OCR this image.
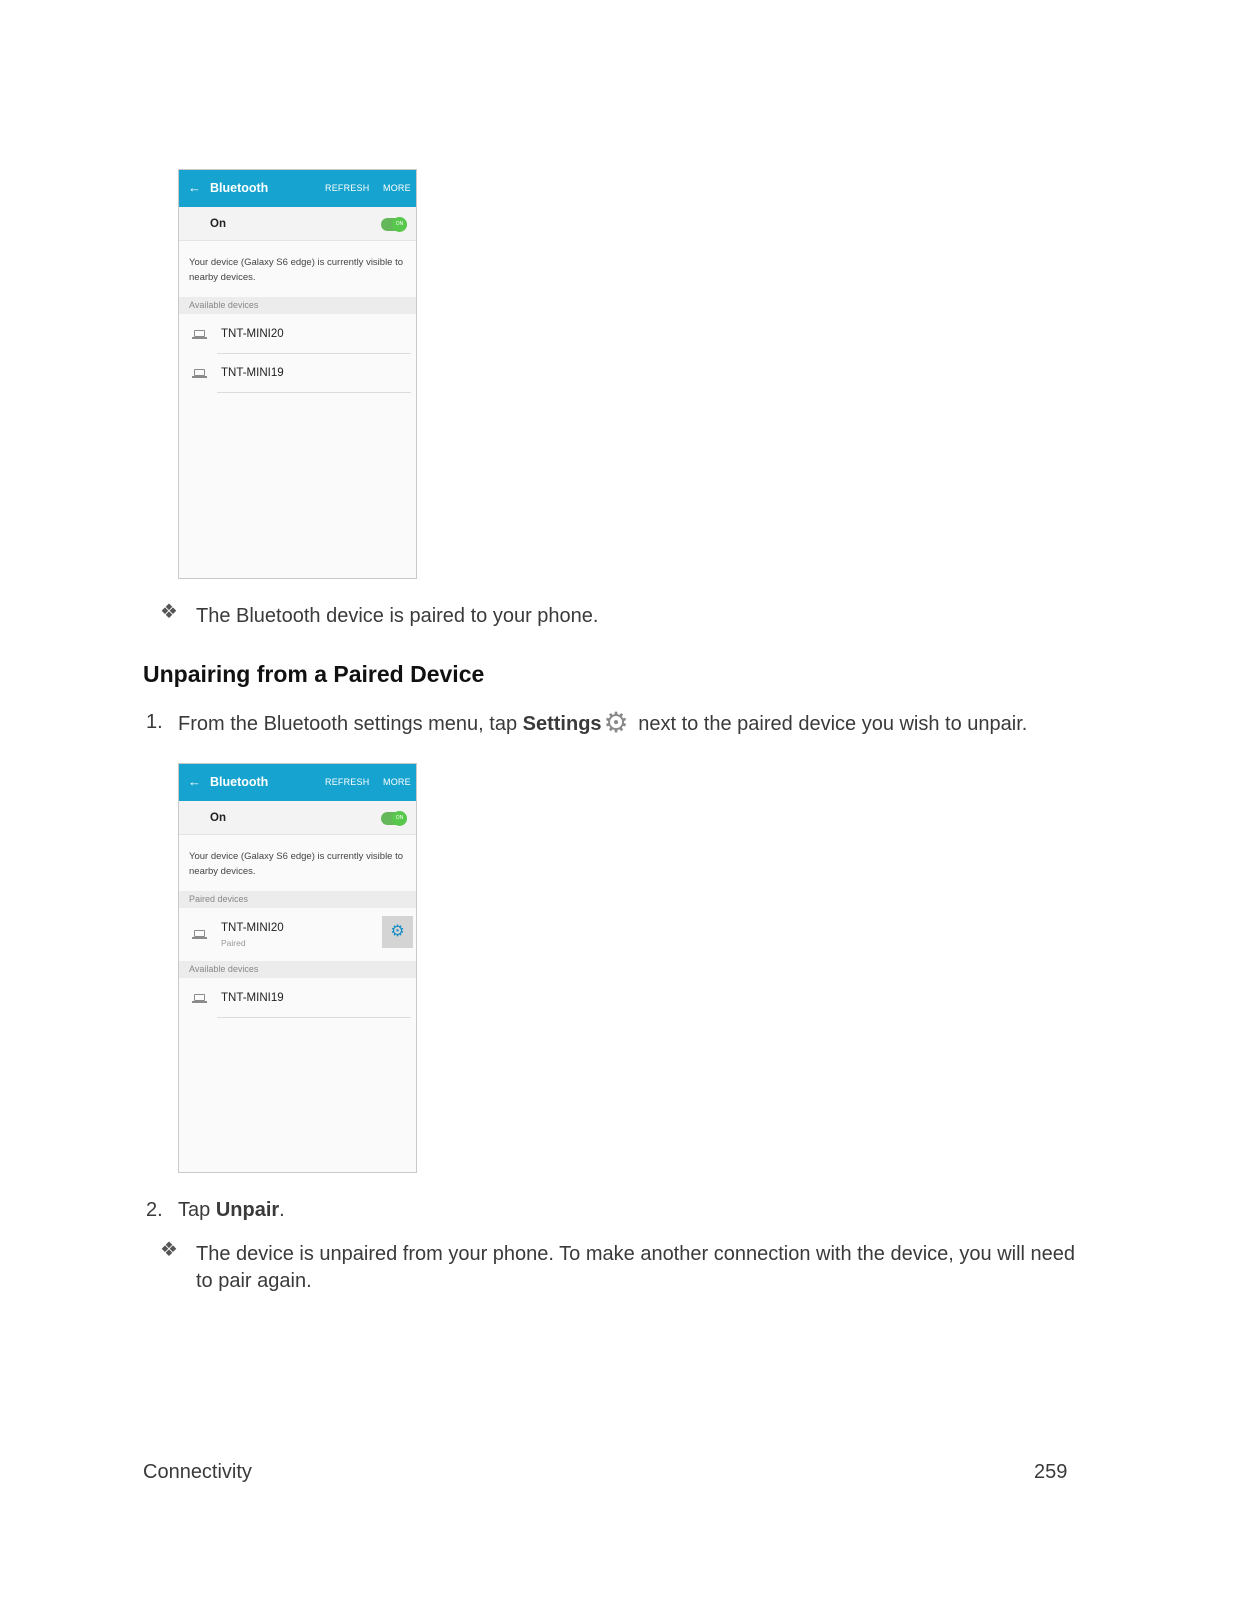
← Bluetooth	REFRESH MORE
On	ON
Your device (Galaxy S6 edge) is currently visible to nearby devices.
Available devices
TNT-MINI20
TNT-MINI19
❖ The Bluetooth device is paired to your phone.
Unpairing from a Paired Device
1. From the Bluetooth settings menu, tap Settings⚙ next to the paired device you wish to unpair.
← Bluetooth	REFRESH MORE
On	ON
Your device (Galaxy S6 edge) is currently visible to nearby devices.
Paired devices
TNT-MINI20
Paired
⚙
Available devices
TNT-MINI19
2. Tap Unpair.
❖ The device is unpaired from your phone. To make another connection with the device, you will need to pair again.
Connectivity	259
